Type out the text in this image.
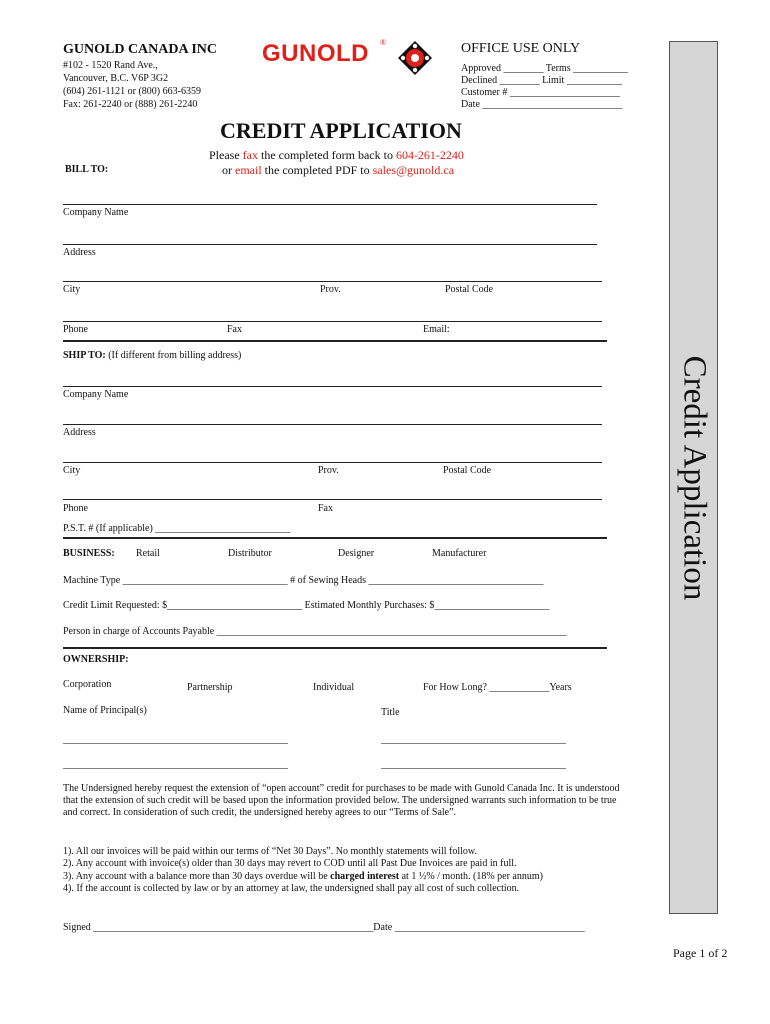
GUNOLD CANADA INC
#102 - 1520 Rand Ave.,
Vancouver, B.C. V6P 3G2
(604) 261-1121 or (800) 663-6359
Fax: 261-2240 or (888) 261-2240
GUNOLD ®	OFFICE USE ONLY
Approved ________ Terms ___________
Declined ________ Limit ___________
Customer # ______________________
Date ____________________________
CREDIT APPLICATION
Please fax the completed form back to 604-261-2240
or email the completed PDF to sales@gunold.ca
BILL TO:
Company Name
Address
City	Prov.	Postal Code
Phone	Fax	Email:
SHIP TO: (If different from billing address)
Company Name
Address
City	Prov.	Postal Code
Phone	Fax
P.S.T. # (If applicable) ___________________________
BUSINESS: Retail	Distributor	Designer	Manufacturer
Machine Type _________________________________ # of Sewing Heads ___________________________________
Credit Limit Requested: $___________________________ Estimated Monthly Purchases: $_______________________
Person in charge of Accounts Payable ______________________________________________________________________
OWNERSHIP:
Corporation	Partnership	Individual	For How Long? ____________Years
Name of Principal(s)	Title
_____________________________________________	_____________________________________
_____________________________________________	_____________________________________
The Undersigned hereby request the extension of “open account” credit for purchases to be made with Gunold Canada Inc. It is understood that the extension of such credit will be based upon the information provided below. The undersigned warrants such information to be true and correct. In consideration of such credit, the undersigned hereby agrees to our “Terms of Sale”.
1). All our invoices will be paid within our terms of “Net 30 Days”. No monthly statements will follow.
2). Any account with invoice(s) older than 30 days may revert to COD until all Past Due Invoices are paid in full.
3). Any account with a balance more than 30 days overdue will be charged interest at 1 ½% / month. (18% per annum)
4). If the account is collected by law or by an attorney at law, the undersigned shall pay all cost of such collection.
Signed ________________________________________________________Date ______________________________________
Credit Application
Page 1 of 2
